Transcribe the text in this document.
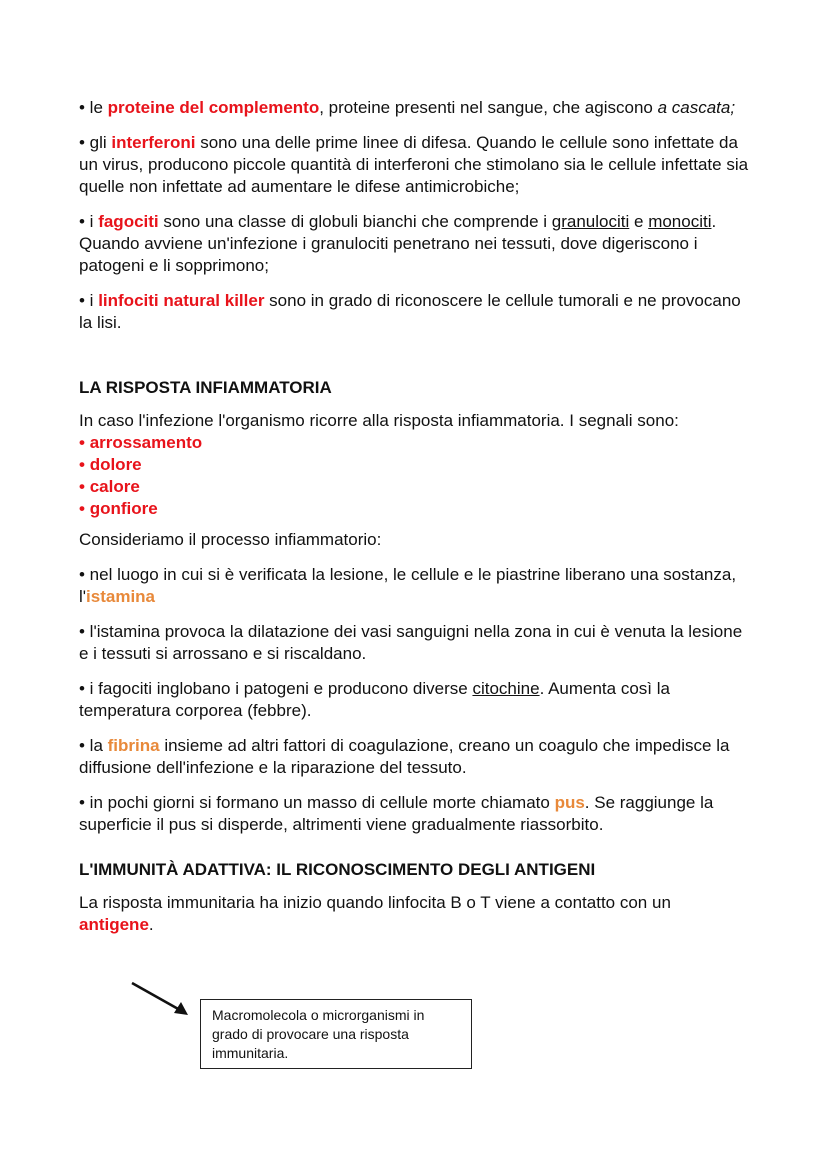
• le proteine del complemento, proteine presenti nel sangue, che agiscono a cascata;

• gli interferoni sono una delle prime linee di difesa. Quando le cellule sono infettate da un virus, producono piccole quantità di interferoni che stimolano sia le cellule infettate sia quelle non infettate ad aumentare le difese antimicrobiche;

• i fagociti sono una classe di globuli bianchi che comprende i granulociti e monociti. Quando avviene un'infezione i granulociti penetrano nei tessuti, dove digeriscono i patogeni e li sopprimono;

• i linfociti natural killer sono in grado di riconoscere le cellule tumorali e ne provocano la lisi.

LA RISPOSTA INFIAMMATORIA

In caso l'infezione l'organismo ricorre alla risposta infiammatoria. I segnali sono:

• arrossamento

• dolore

• calore

• gonfiore

Consideriamo il processo infiammatorio:

• nel luogo in cui si è verificata la lesione, le cellule e le piastrine liberano una sostanza, l'istamina

• l'istamina provoca la dilatazione dei vasi sanguigni nella zona in cui è venuta la lesione e i tessuti si arrossano e si riscaldano.

• i fagociti inglobano i patogeni e producono diverse citochine. Aumenta così la temperatura corporea (febbre).

• la fibrina insieme ad altri fattori di coagulazione, creano un coagulo che impedisce la diffusione dell'infezione e la riparazione del tessuto.

• in pochi giorni si formano un masso di cellule morte chiamato pus. Se raggiunge la superficie il pus si disperde, altrimenti viene gradualmente riassorbito.

L'IMMUNITÀ ADATTIVA: IL RICONOSCIMENTO DEGLI ANTIGENI

La risposta immunitaria ha inizio quando linfocita B o T viene a contatto con un antigene.

Macromolecola o microrganismi in grado di provocare una risposta immunitaria.
